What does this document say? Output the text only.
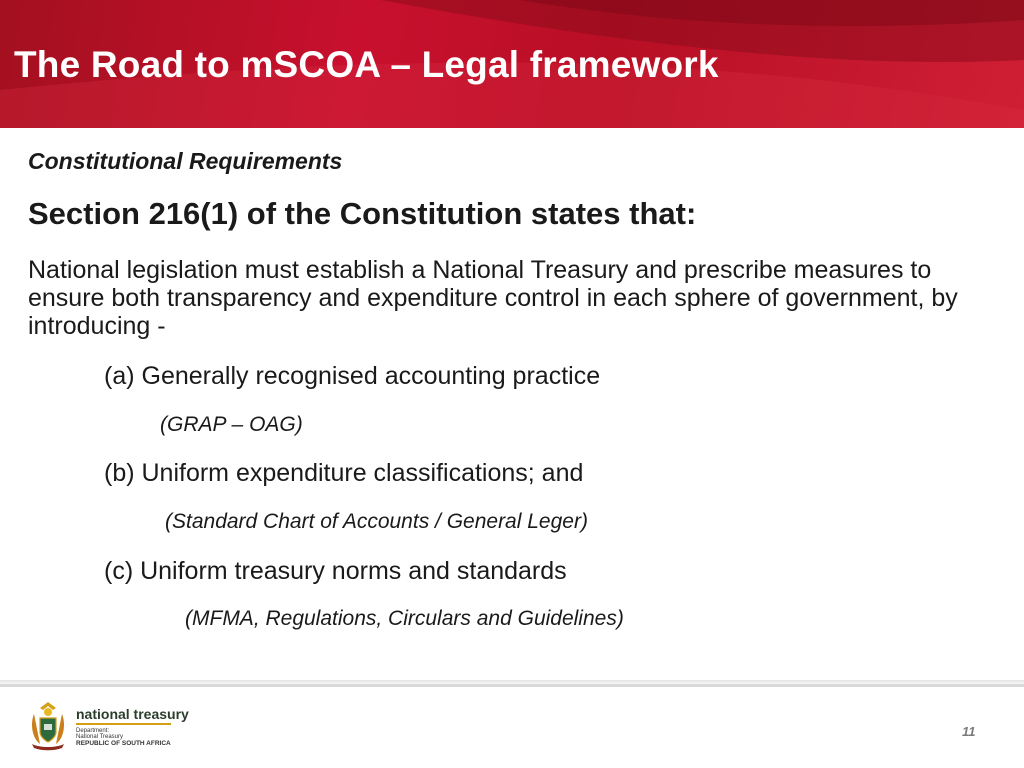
The Road to mSCOA – Legal framework
Constitutional Requirements
Section 216(1) of the Constitution states that:
National legislation must establish a National Treasury and prescribe measures to ensure both transparency and expenditure control in each sphere of government, by introducing -
(a) Generally recognised accounting practice
(GRAP – OAG)
(b) Uniform expenditure classifications; and
(Standard Chart of Accounts / General Leger)
(c) Uniform treasury norms and standards
(MFMA, Regulations, Circulars and Guidelines)
national treasury
Department:
National Treasury
REPUBLIC OF SOUTH AFRICA
11
